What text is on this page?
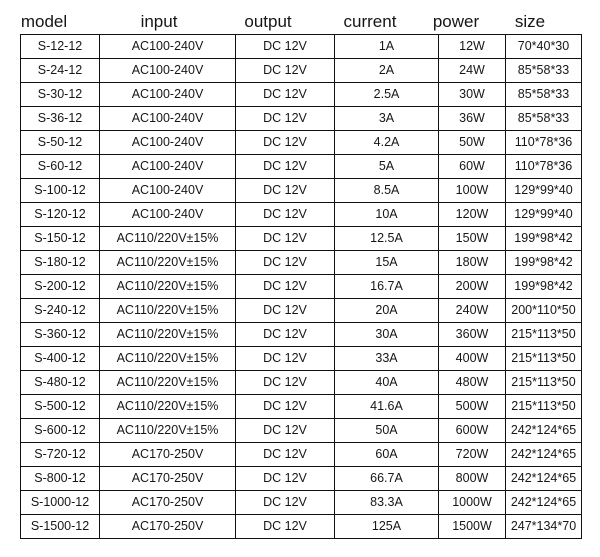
model	input	output	current	power	size
S-12-12	AC100-240V	DC 12V	1A	12W	70*40*30
S-24-12	AC100-240V	DC 12V	2A	24W	85*58*33
S-30-12	AC100-240V	DC 12V	2.5A	30W	85*58*33
S-36-12	AC100-240V	DC 12V	3A	36W	85*58*33
S-50-12	AC100-240V	DC 12V	4.2A	50W	110*78*36
S-60-12	AC100-240V	DC 12V	5A	60W	110*78*36
S-100-12	AC100-240V	DC 12V	8.5A	100W	129*99*40
S-120-12	AC100-240V	DC 12V	10A	120W	129*99*40
S-150-12	AC110/220V±15%	DC 12V	12.5A	150W	199*98*42
S-180-12	AC110/220V±15%	DC 12V	15A	180W	199*98*42
S-200-12	AC110/220V±15%	DC 12V	16.7A	200W	199*98*42
S-240-12	AC110/220V±15%	DC 12V	20A	240W	200*110*50
S-360-12	AC110/220V±15%	DC 12V	30A	360W	215*113*50
S-400-12	AC110/220V±15%	DC 12V	33A	400W	215*113*50
S-480-12	AC110/220V±15%	DC 12V	40A	480W	215*113*50
S-500-12	AC110/220V±15%	DC 12V	41.6A	500W	215*113*50
S-600-12	AC110/220V±15%	DC 12V	50A	600W	242*124*65
S-720-12	AC170-250V	DC 12V	60A	720W	242*124*65
S-800-12	AC170-250V	DC 12V	66.7A	800W	242*124*65
S-1000-12	AC170-250V	DC 12V	83.3A	1000W	242*124*65
S-1500-12	AC170-250V	DC 12V	125A	1500W	247*134*70
